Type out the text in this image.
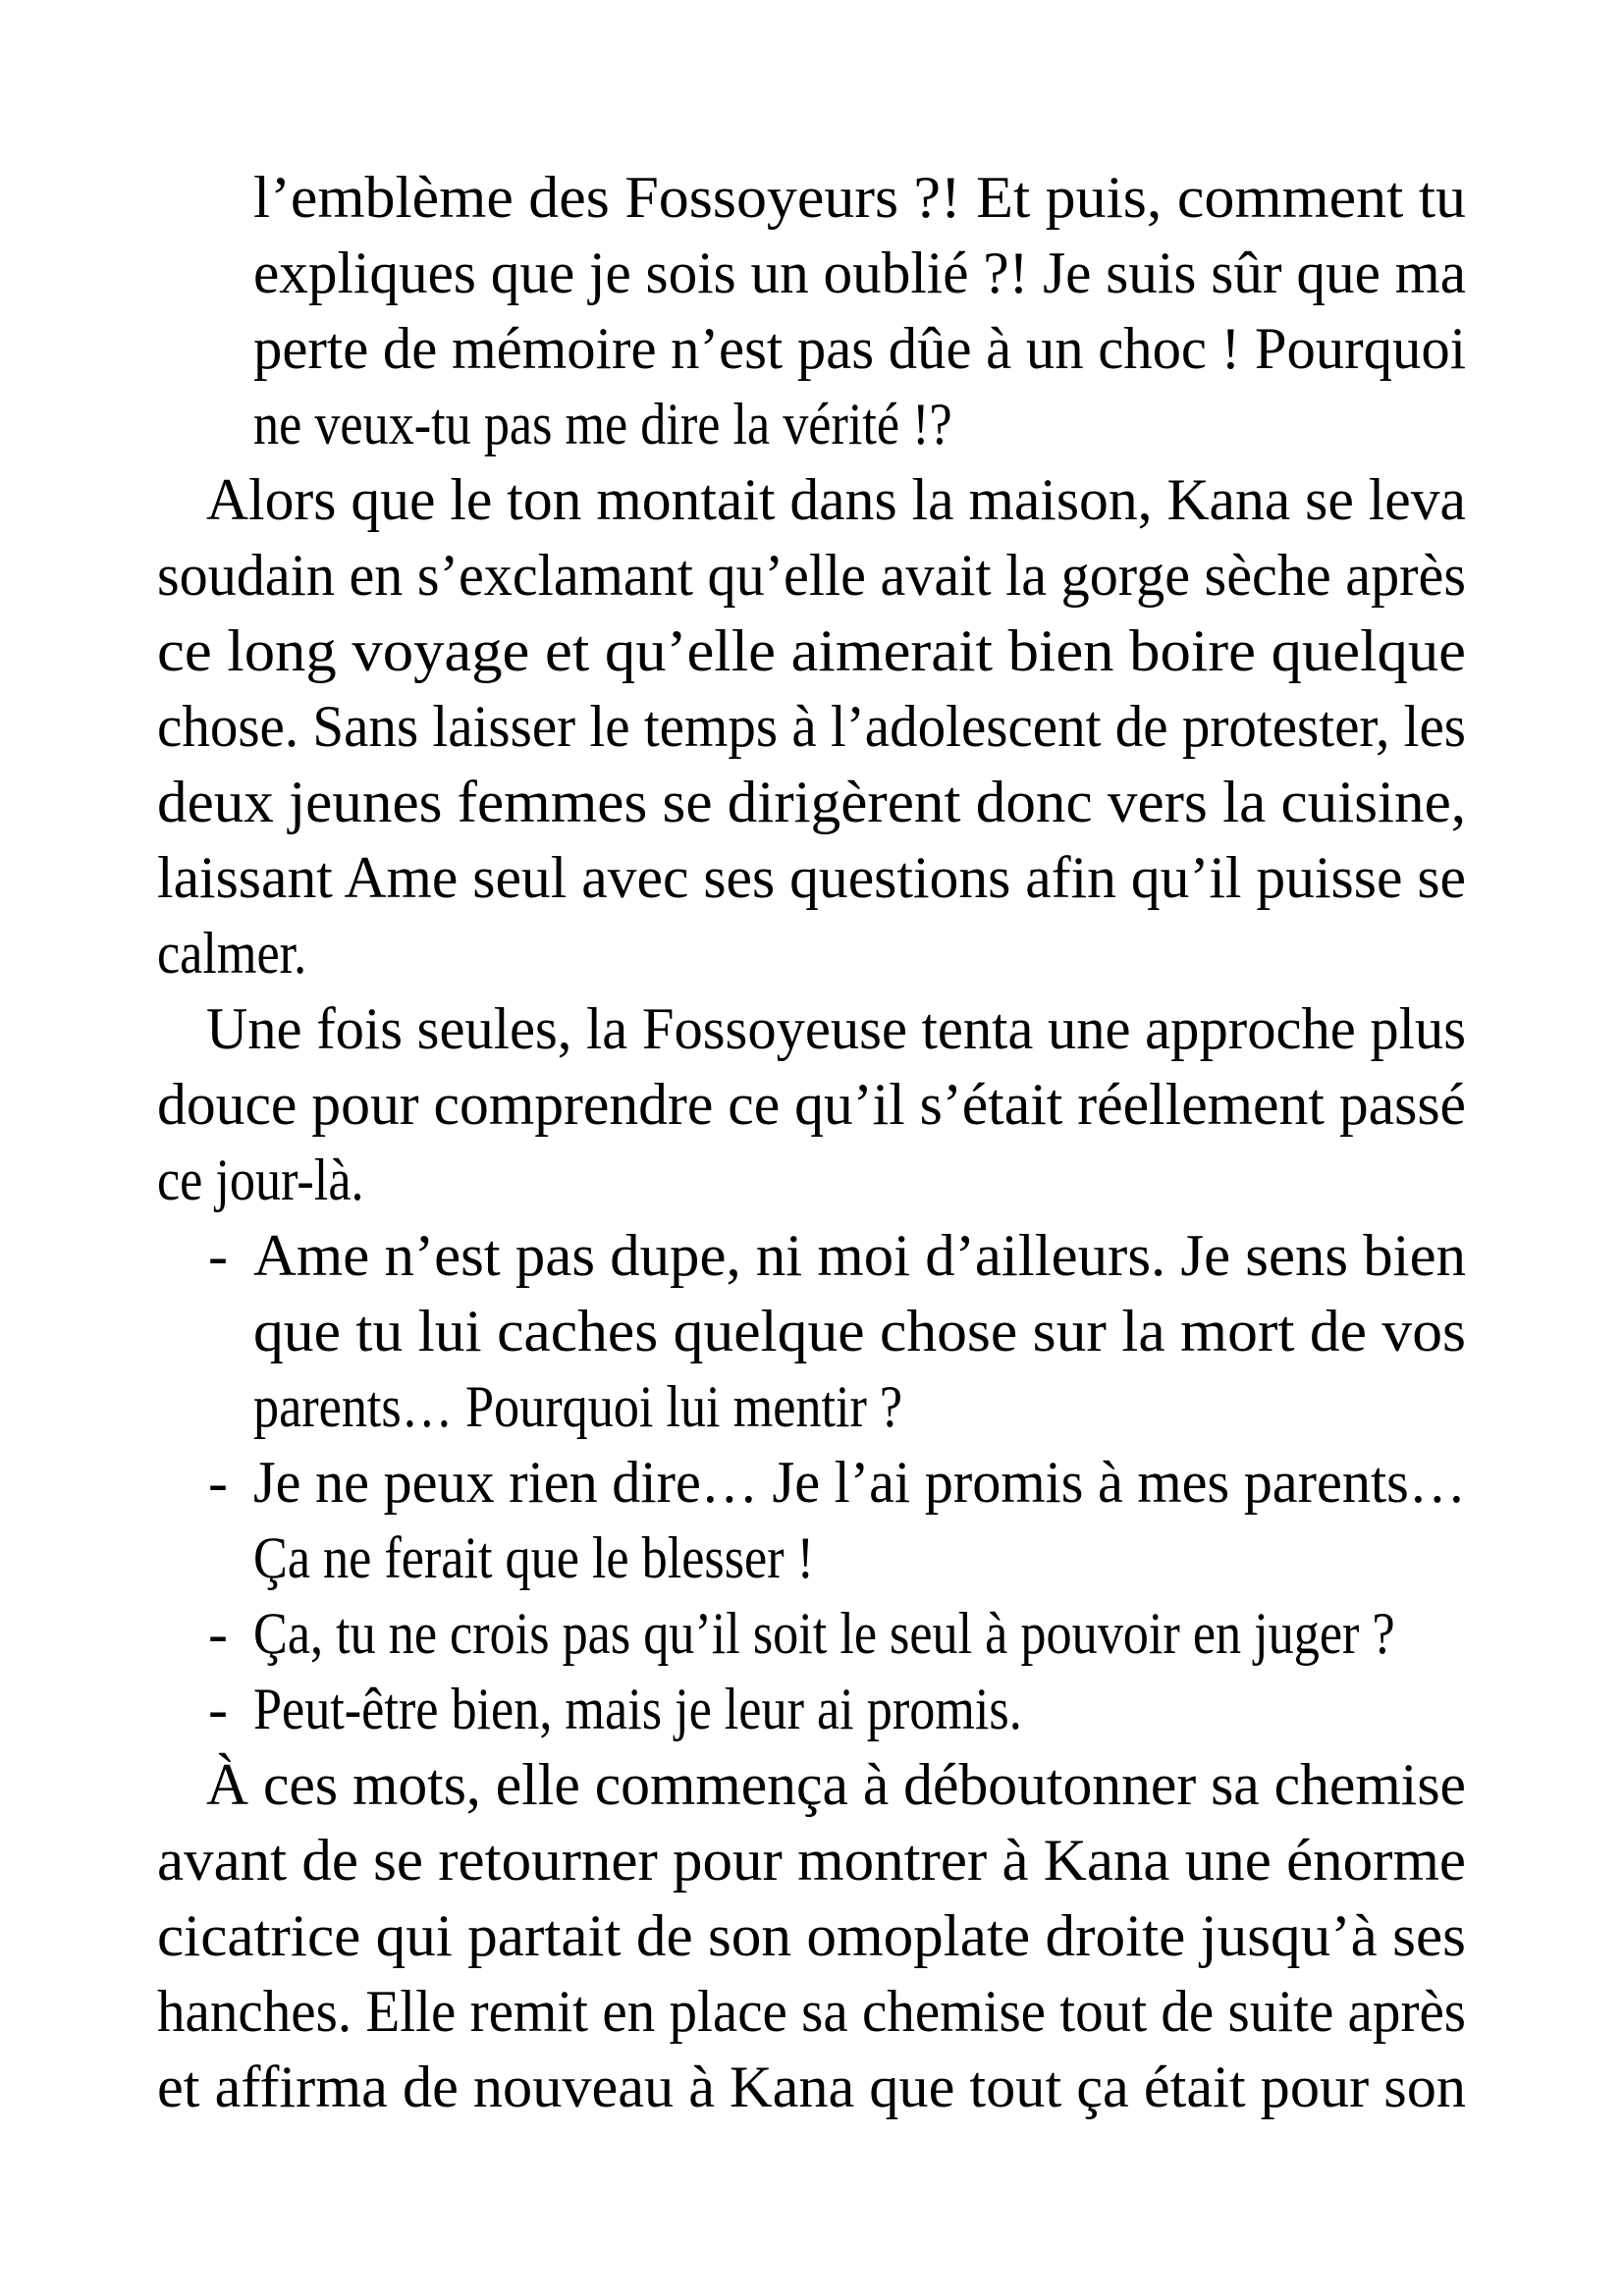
l’emblème des Fossoyeurs ?! Et puis, comment tu
expliques que je sois un oublié ?! Je suis sûr que ma
perte de mémoire n’est pas dûe à un choc ! Pourquoi
ne veux-tu pas me dire la vérité !?
Alors que le ton montait dans la maison, Kana se leva
soudain en s’exclamant qu’elle avait la gorge sèche après
ce long voyage et qu’elle aimerait bien boire quelque
chose. Sans laisser le temps à l’adolescent de protester, les
deux jeunes femmes se dirigèrent donc vers la cuisine,
laissant Ame seul avec ses questions afin qu’il puisse se
calmer.
Une fois seules, la Fossoyeuse tenta une approche plus
douce pour comprendre ce qu’il s’était réellement passé
ce jour-là.
- Ame n’est pas dupe, ni moi d’ailleurs. Je sens bien
que tu lui caches quelque chose sur la mort de vos
parents… Pourquoi lui mentir ?
- Je ne peux rien dire… Je l’ai promis à mes parents…
Ça ne ferait que le blesser !
- Ça, tu ne crois pas qu’il soit le seul à pouvoir en juger ?
- Peut-être bien, mais je leur ai promis.
À ces mots, elle commença à déboutonner sa chemise
avant de se retourner pour montrer à Kana une énorme
cicatrice qui partait de son omoplate droite jusqu’à ses
hanches. Elle remit en place sa chemise tout de suite après
et affirma de nouveau à Kana que tout ça était pour son
